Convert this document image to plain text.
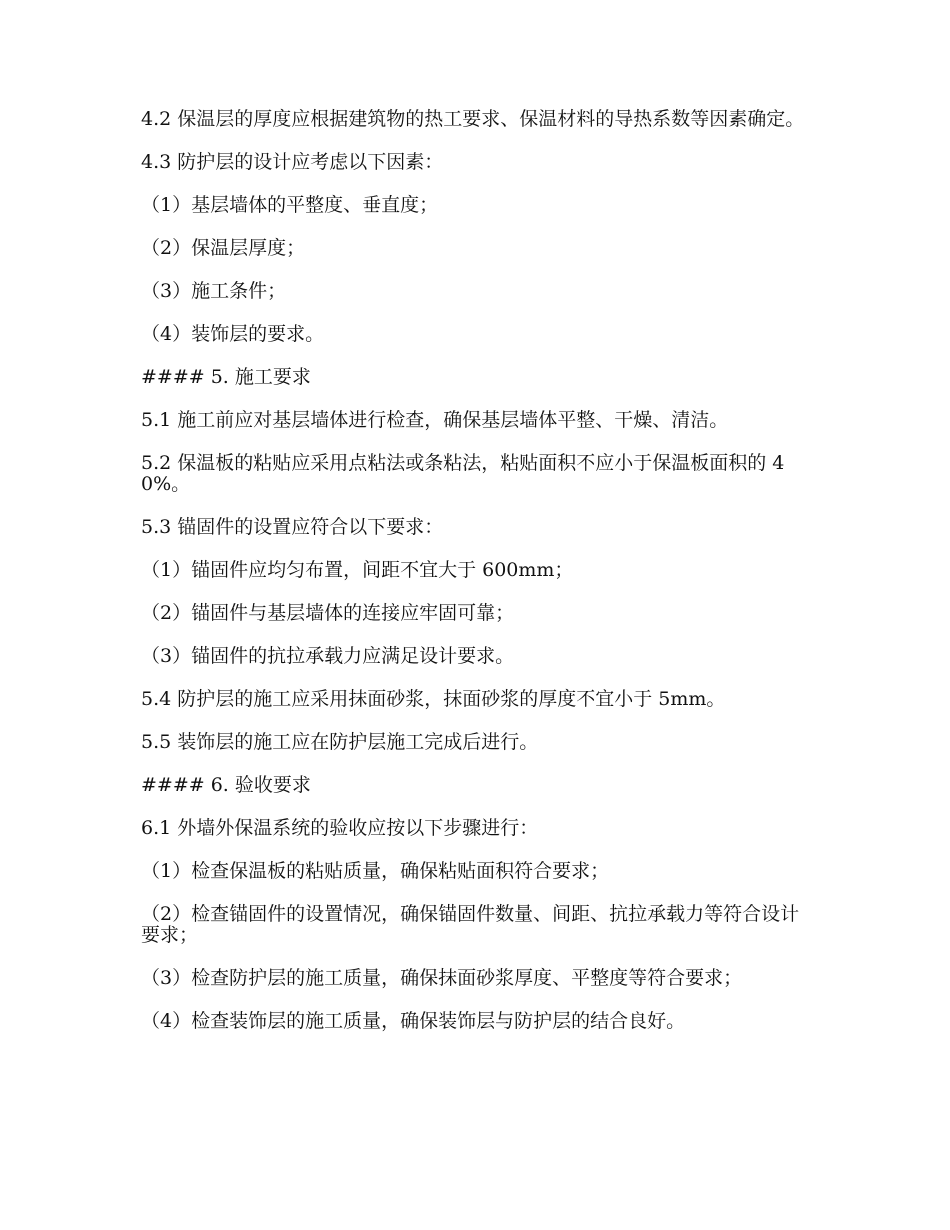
4.2 保温层的厚度应根据建筑物的热工要求、保温材料的导热系数等因素确定。

4.3 防护层的设计应考虑以下因素：

（1）基层墙体的平整度、垂直度；

（2）保温层厚度；

（3）施工条件；

（4）装饰层的要求。

#### 5. 施工要求

5.1 施工前应对基层墙体进行检查，确保基层墙体平整、干燥、清洁。

5.2 保温板的粘贴应采用点粘法或条粘法，粘贴面积不应小于保温板面积的 40%。

5.3 锚固件的设置应符合以下要求：

（1）锚固件应均匀布置，间距不宜大于 600mm；

（2）锚固件与基层墙体的连接应牢固可靠；

（3）锚固件的抗拉承载力应满足设计要求。

5.4 防护层的施工应采用抹面砂浆，抹面砂浆的厚度不宜小于 5mm。

5.5 装饰层的施工应在防护层施工完成后进行。

#### 6. 验收要求

6.1 外墙外保温系统的验收应按以下步骤进行：

（1）检查保温板的粘贴质量，确保粘贴面积符合要求；

（2）检查锚固件的设置情况，确保锚固件数量、间距、抗拉承载力等符合设计要求；

（3）检查防护层的施工质量，确保抹面砂浆厚度、平整度等符合要求；

（4）检查装饰层的施工质量，确保装饰层与防护层的结合良好。
